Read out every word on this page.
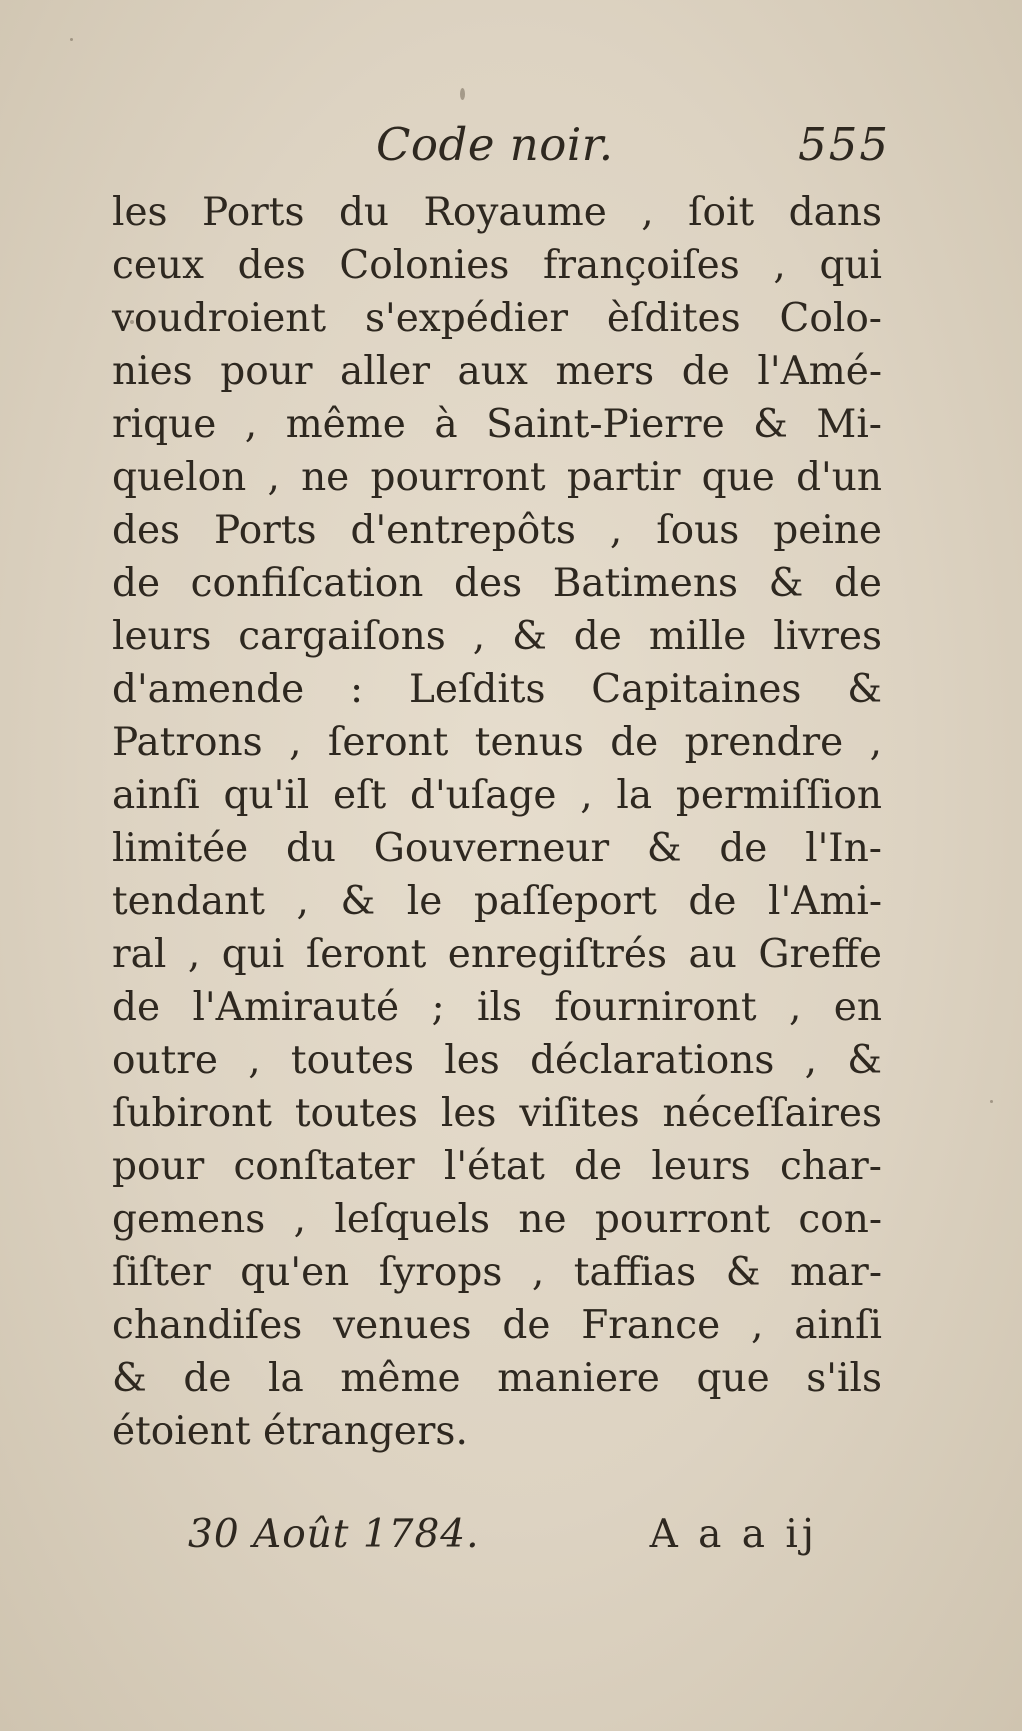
Code noir.	555
les Ports du Royaume , ſoit dans
ceux des Colonies françoiſes , qui
voudroient s'expédier èſdites Colo-
nies pour aller aux mers de l'Amé-
rique , même à Saint-Pierre & Mi-
quelon , ne pourront partir que d'un
des Ports d'entrepôts , ſous peine
de confiſcation des Batimens & de
leurs cargaiſons , & de mille livres
d'amende : Leſdits Capitaines &
Patrons , ſeront tenus de prendre ,
ainſi qu'il eſt d'uſage , la permiſſion
limitée du Gouverneur & de l'In-
tendant , & le paſſeport de l'Ami-
ral , qui ſeront enregiſtrés au Greffe
de l'Amirauté ; ils fourniront , en
outre , toutes les déclarations , &
ſubiront toutes les viſites néceſſaires
pour conſtater l'état de leurs char-
gemens , leſquels ne pourront con-
ſiſter qu'en ſyrops , taffias & mar-
chandiſes venues de France , ainſi
& de la même maniere que s'ils
étoient étrangers.
30 Août 1784.	A a a ij
